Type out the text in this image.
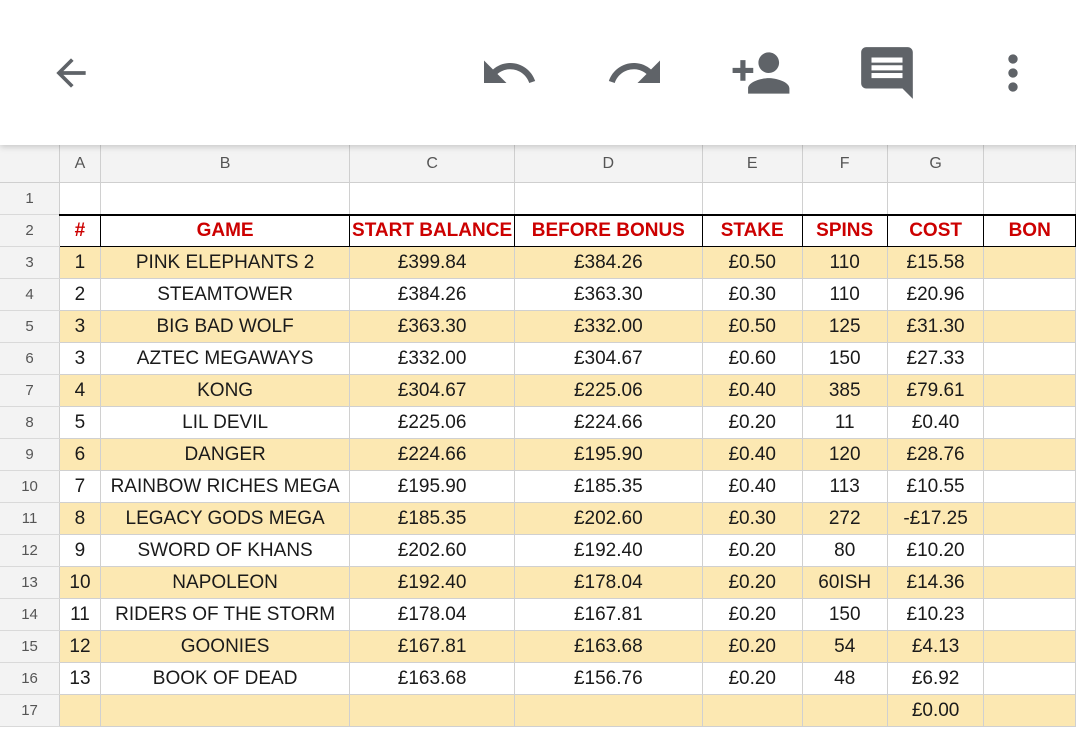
	A	B	C	D	E	F	G	
1								
2	#	GAME	START BALANCE	BEFORE BONUS	STAKE	SPINS	COST	BON
3	1	PINK ELEPHANTS 2	£399.84	£384.26	£0.50	110	£15.58	
4	2	STEAMTOWER	£384.26	£363.30	£0.30	110	£20.96	
5	3	BIG BAD WOLF	£363.30	£332.00	£0.50	125	£31.30	
6	3	AZTEC MEGAWAYS	£332.00	£304.67	£0.60	150	£27.33	
7	4	KONG	£304.67	£225.06	£0.40	385	£79.61	
8	5	LIL DEVIL	£225.06	£224.66	£0.20	11	£0.40	
9	6	DANGER	£224.66	£195.90	£0.40	120	£28.76	
10	7	RAINBOW RICHES MEGA	£195.90	£185.35	£0.40	113	£10.55	
11	8	LEGACY GODS MEGA	£185.35	£202.60	£0.30	272	-£17.25	
12	9	SWORD OF KHANS	£202.60	£192.40	£0.20	80	£10.20	
13	10	NAPOLEON	£192.40	£178.04	£0.20	60ISH	£14.36	
14	11	RIDERS OF THE STORM	£178.04	£167.81	£0.20	150	£10.23	
15	12	GOONIES	£167.81	£163.68	£0.20	54	£4.13	
16	13	BOOK OF DEAD	£163.68	£156.76	£0.20	48	£6.92	
17							£0.00	
